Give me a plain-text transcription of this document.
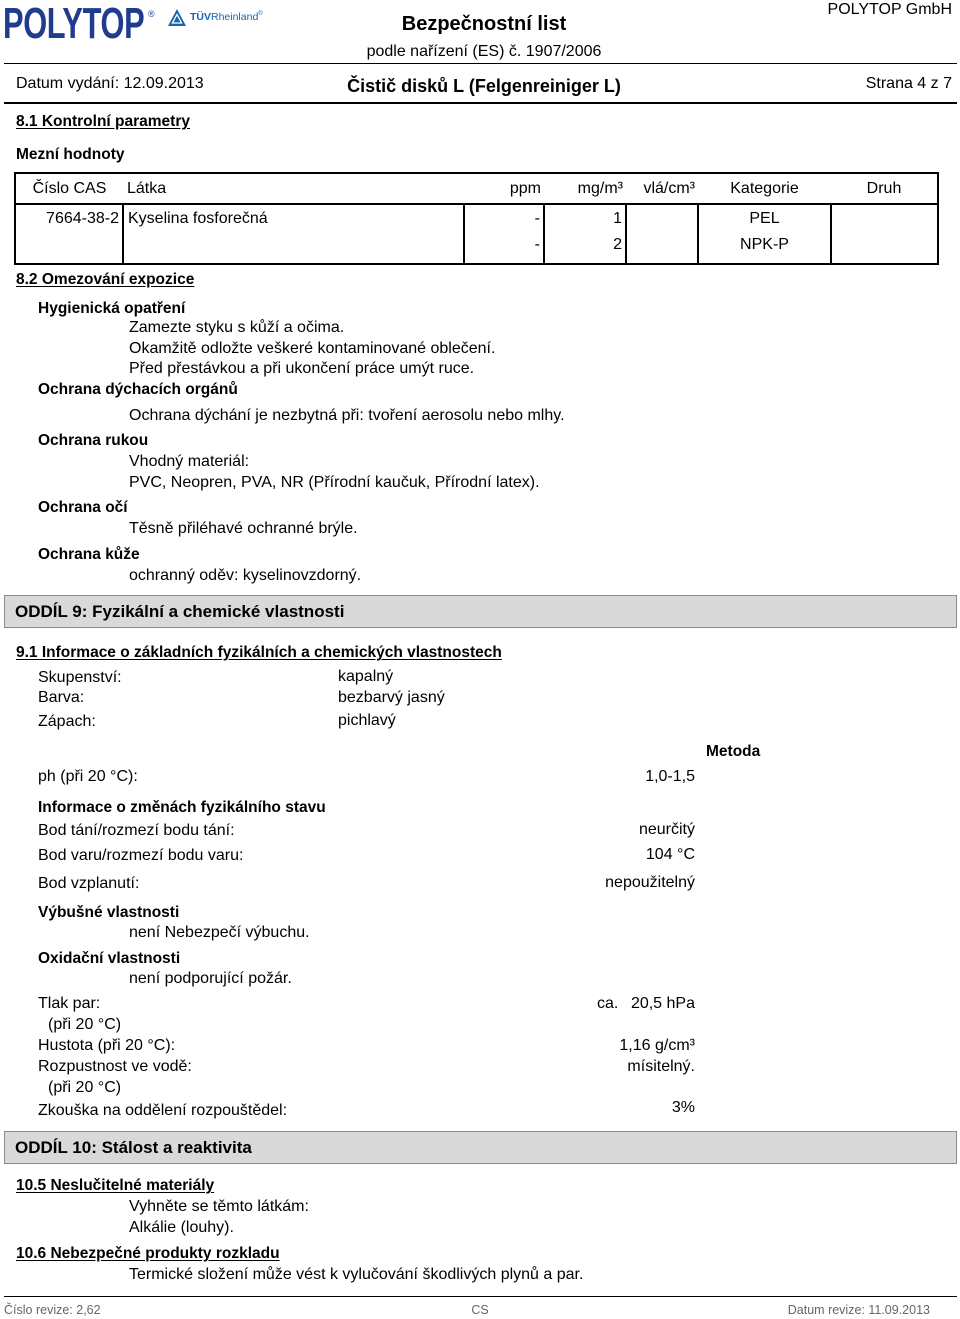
POLYTOP ®	TÜV Rheinland ®	Bezpečnostní list
podle nařízení (ES) č. 1907/2006
POLYTOP GmbH
Datum vydání: 12.09.2013	Čistič disků L (Felgenreiniger L)	Strana 4 z 7
8.1 Kontrolní parametry
Mezní hodnoty
Číslo CAS	Látka	ppm	mg/m³	vlá/cm³	Kategorie	Druh
7664-38-2	Kyselina fosforečná	-	1		PEL	
		-	2		NPK-P	
8.2 Omezování expozice
Hygienická opatření
Zamezte styku s kůží a očima.
Okamžitě odložte veškeré kontaminované oblečení.
Před přestávkou a při ukončení práce umýt ruce.
Ochrana dýchacích orgánů
Ochrana dýchání je nezbytná při: tvoření aerosolu nebo mlhy.
Ochrana rukou
Vhodný materiál:
PVC, Neopren, PVA, NR (Přírodní kaučuk, Přírodní latex).
Ochrana očí
Těsně přiléhavé ochranné brýle.
Ochrana kůže
ochranný oděv: kyselinovzdorný.
ODDÍL 9: Fyzikální a chemické vlastnosti
9.1 Informace o základních fyzikálních a chemických vlastnostech
Skupenství:	kapalný
Barva:	bezbarvý jasný
Zápach:	pichlavý
Metoda
ph (při 20 °C):	1,0-1,5
Informace o změnách fyzikálního stavu
Bod tání/rozmezí bodu tání:	neurčitý
Bod varu/rozmezí bodu varu:	104 °C
Bod vzplanutí:	nepoužitelný
Výbušné vlastnosti
není Nebezpečí výbuchu.
Oxidační vlastnosti
není podporující požár.
Tlak par:	ca. 20,5 hPa
(při 20 °C)
Hustota (při 20 °C):	1,16 g/cm³
Rozpustnost ve vodě:	mísitelný.
(při 20 °C)
Zkouška na oddělení rozpouštědel:	3%
ODDÍL 10: Stálost a reaktivita
10.5 Neslučitelné materiály
Vyhněte se těmto látkám:
Alkálie (louhy).
10.6 Nebezpečné produkty rozkladu
Termické složení může vést k vylučování škodlivých plynů a par.
Číslo revize: 2,62	CS	Datum revize: 11.09.2013
